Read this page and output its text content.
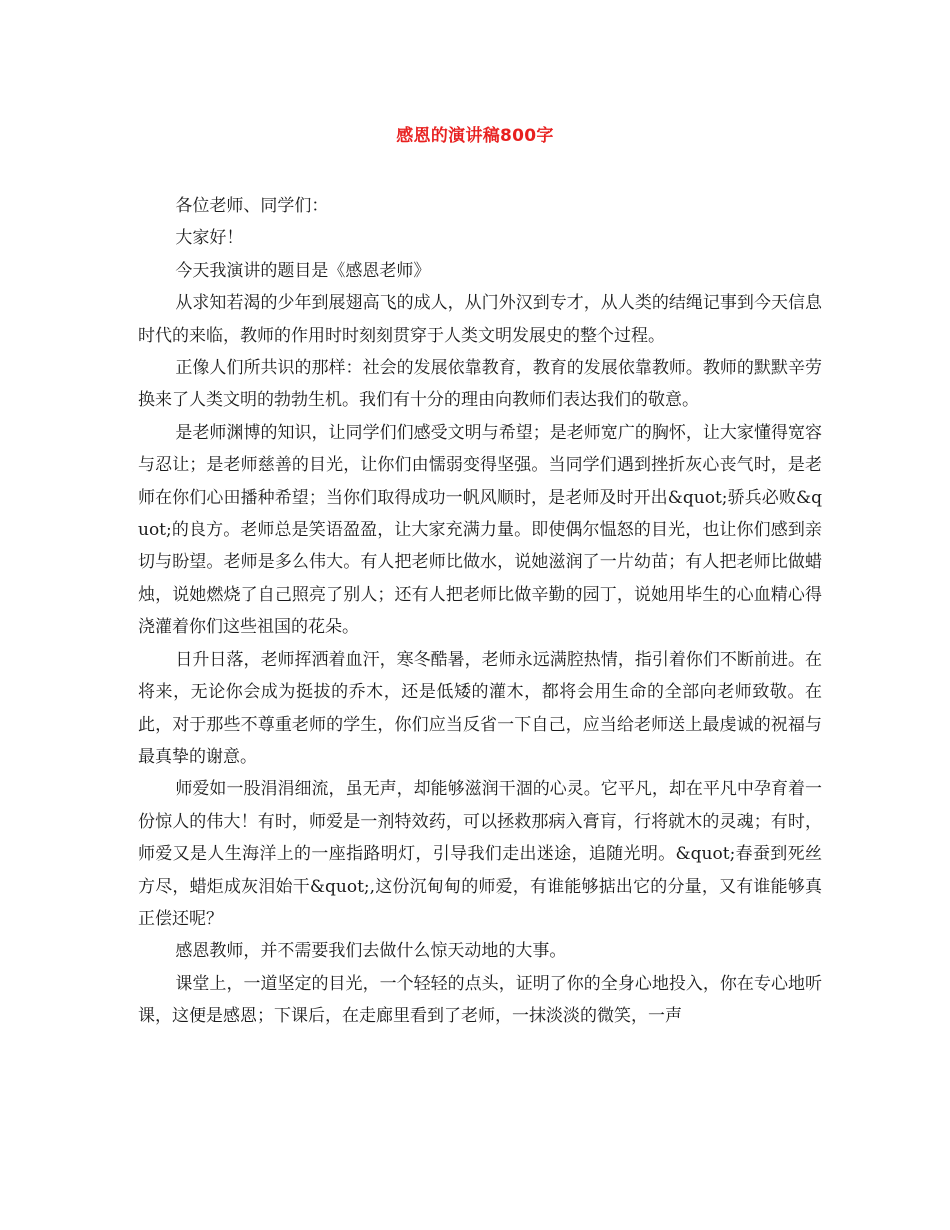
感恩的演讲稿800字

各位老师、同学们：

大家好！

今天我演讲的题目是《感恩老师》

从求知若渴的少年到展翅高飞的成人，从门外汉到专才，从人类的结绳记事到今天信息时代的来临，教师的作用时时刻刻贯穿于人类文明发展史的整个过程。

正像人们所共识的那样：社会的发展依靠教育，教育的发展依靠教师。教师的默默辛劳换来了人类文明的勃勃生机。我们有十分的理由向教师们表达我们的敬意。

是老师渊博的知识，让同学们们感受文明与希望；是老师宽广的胸怀，让大家懂得宽容与忍让；是老师慈善的目光，让你们由懦弱变得坚强。当同学们遇到挫折灰心丧气时，是老师在你们心田播种希望；当你们取得成功一帆风顺时，是老师及时开出&quot;骄兵必败&quot;的良方。老师总是笑语盈盈，让大家充满力量。即使偶尔愠怒的目光，也让你们感到亲切与盼望。老师是多么伟大。有人把老师比做水，说她滋润了一片幼苗；有人把老师比做蜡烛，说她燃烧了自己照亮了别人；还有人把老师比做辛勤的园丁，说她用毕生的心血精心得浇灌着你们这些祖国的花朵。

日升日落，老师挥洒着血汗，寒冬酷暑，老师永远满腔热情，指引着你们不断前进。在将来，无论你会成为挺拔的乔木，还是低矮的灌木，都将会用生命的全部向老师致敬。在此，对于那些不尊重老师的学生，你们应当反省一下自己，应当给老师送上最虔诚的祝福与最真挚的谢意。

师爱如一股涓涓细流，虽无声，却能够滋润干涸的心灵。它平凡，却在平凡中孕育着一份惊人的伟大！有时，师爱是一剂特效药，可以拯救那病入膏肓，行将就木的灵魂；有时，师爱又是人生海洋上的一座指路明灯，引导我们走出迷途，追随光明。&quot;春蚕到死丝方尽，蜡炬成灰泪始干&quot;,这份沉甸甸的师爱，有谁能够掂出它的分量，又有谁能够真正偿还呢？

感恩教师，并不需要我们去做什么惊天动地的大事。

课堂上，一道坚定的目光，一个轻轻的点头，证明了你的全身心地投入，你在专心地听课，这便是感恩；下课后，在走廊里看到了老师，一抹淡淡的微笑，一声
